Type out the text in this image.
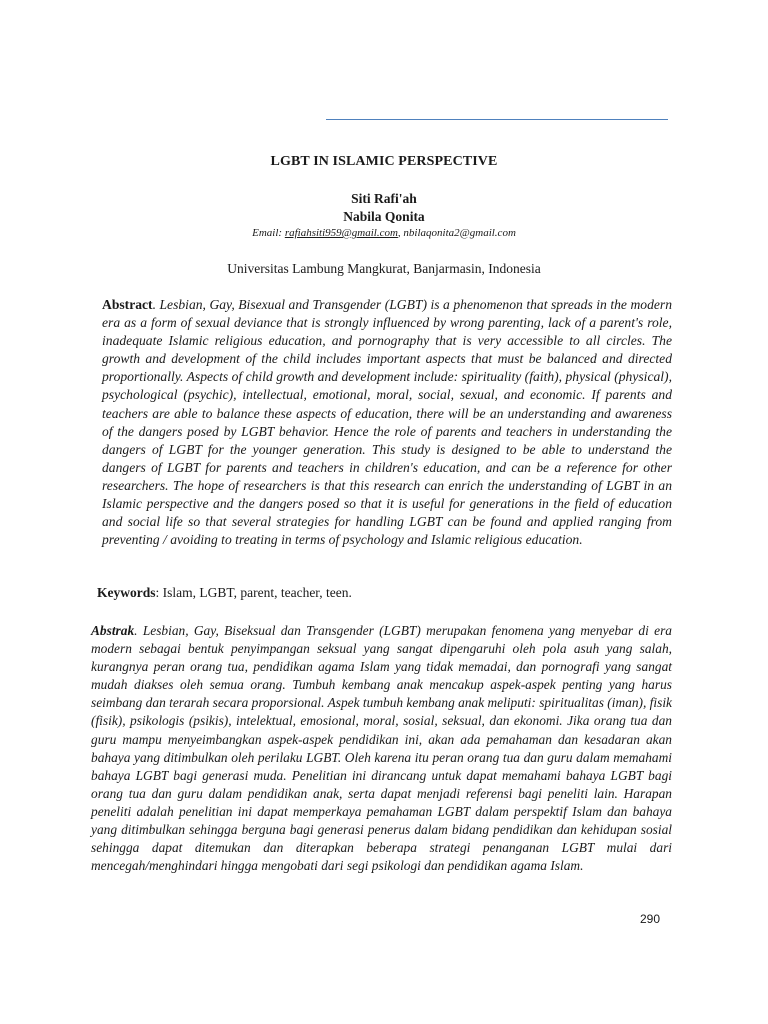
LGBT IN ISLAMIC PERSPECTIVE
Siti Rafi'ah
Nabila Qonita
Email: rafiahsiti959@gmail.com, nbilaqonita2@gmail.com
Universitas Lambung Mangkurat, Banjarmasin, Indonesia
Abstract. Lesbian, Gay, Bisexual and Transgender (LGBT) is a phenomenon that spreads in the modern era as a form of sexual deviance that is strongly influenced by wrong parenting, lack of a parent's role, inadequate Islamic religious education, and pornography that is very accessible to all circles. The growth and development of the child includes important aspects that must be balanced and directed proportionally. Aspects of child growth and development include: spirituality (faith), physical (physical), psychological (psychic), intellectual, emotional, moral, social, sexual, and economic. If parents and teachers are able to balance these aspects of education, there will be an understanding and awareness of the dangers posed by LGBT behavior. Hence the role of parents and teachers in understanding the dangers of LGBT for the younger generation. This study is designed to be able to understand the dangers of LGBT for parents and teachers in children's education, and can be a reference for other researchers. The hope of researchers is that this research can enrich the understanding of LGBT in an Islamic perspective and the dangers posed so that it is useful for generations in the field of education and social life so that several strategies for handling LGBT can be found and applied ranging from preventing / avoiding to treating in terms of psychology and Islamic religious education.
Keywords: Islam, LGBT, parent, teacher, teen.
Abstrak. Lesbian, Gay, Biseksual dan Transgender (LGBT) merupakan fenomena yang menyebar di era modern sebagai bentuk penyimpangan seksual yang sangat dipengaruhi oleh pola asuh yang salah, kurangnya peran orang tua, pendidikan agama Islam yang tidak memadai, dan pornografi yang sangat mudah diakses oleh semua orang. Tumbuh kembang anak mencakup aspek-aspek penting yang harus seimbang dan terarah secara proporsional. Aspek tumbuh kembang anak meliputi: spiritualitas (iman), fisik (fisik), psikologis (psikis), intelektual, emosional, moral, sosial, seksual, dan ekonomi. Jika orang tua dan guru mampu menyeimbangkan aspek-aspek pendidikan ini, akan ada pemahaman dan kesadaran akan bahaya yang ditimbulkan oleh perilaku LGBT. Oleh karena itu peran orang tua dan guru dalam memahami bahaya LGBT bagi generasi muda. Penelitian ini dirancang untuk dapat memahami bahaya LGBT bagi orang tua dan guru dalam pendidikan anak, serta dapat menjadi referensi bagi peneliti lain. Harapan peneliti adalah penelitian ini dapat memperkaya pemahaman LGBT dalam perspektif Islam dan bahaya yang ditimbulkan sehingga berguna bagi generasi penerus dalam bidang pendidikan dan kehidupan sosial sehingga dapat ditemukan dan diterapkan beberapa strategi penanganan LGBT mulai dari mencegah/menghindari hingga mengobati dari segi psikologi dan pendidikan agama Islam.
290
